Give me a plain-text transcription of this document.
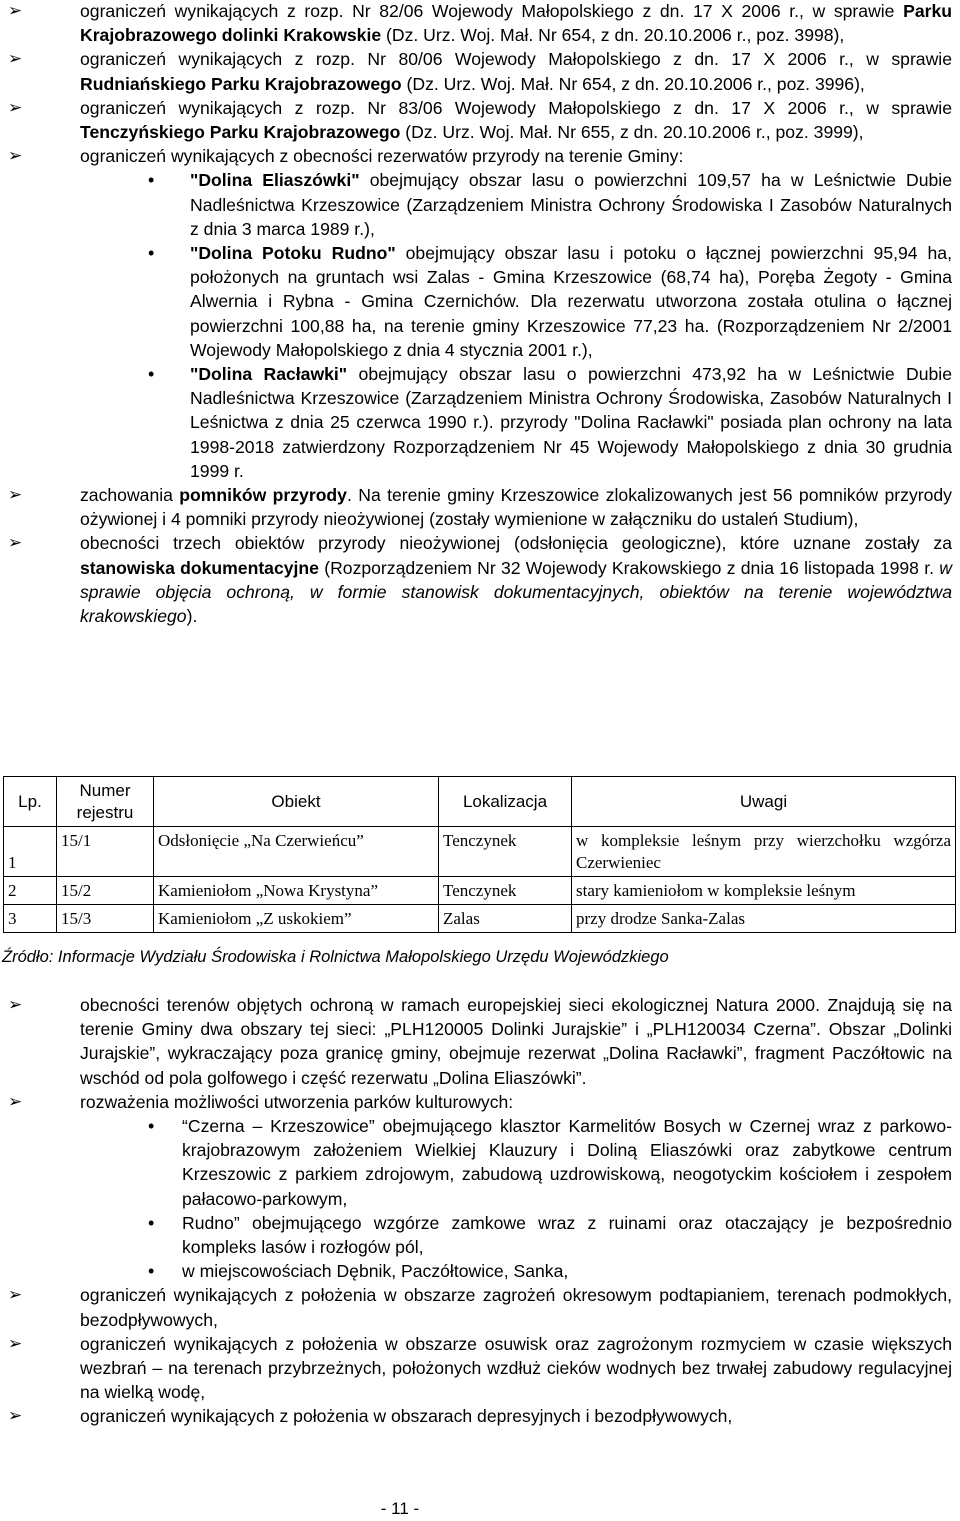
➢	ograniczeń wynikających z rozp. Nr 82/06 Wojewody Małopolskiego z dn. 17 X 2006 r., w sprawie Parku Krajobrazowego dolinki Krakowskie (Dz. Urz. Woj. Mał. Nr 654, z dn. 20.10.2006 r., poz. 3998),
➢	ograniczeń wynikających z rozp. Nr 80/06 Wojewody Małopolskiego z dn. 17 X 2006 r., w sprawie Rudniańskiego Parku Krajobrazowego (Dz. Urz. Woj. Mał. Nr 654, z dn. 20.10.2006 r., poz. 3996),
➢	ograniczeń wynikających z rozp. Nr 83/06 Wojewody Małopolskiego z dn. 17 X 2006 r., w sprawie Tenczyńskiego Parku Krajobrazowego (Dz. Urz. Woj. Mał. Nr 655, z dn. 20.10.2006 r., poz. 3999),
➢	ograniczeń wynikających z obecności rezerwatów przyrody na terenie Gminy:
• "Dolina Eliaszówki" obejmujący obszar lasu o powierzchni 109,57 ha w Leśnictwie Dubie Nadleśnictwa Krzeszowice (Zarządzeniem Ministra Ochrony Środowiska I Zasobów Naturalnych z dnia 3 marca 1989 r.),
• "Dolina Potoku Rudno" obejmujący obszar lasu i potoku o łącznej powierzchni 95,94 ha, położonych na gruntach wsi Zalas - Gmina Krzeszowice (68,74 ha), Poręba Żegoty - Gmina Alwernia i Rybna - Gmina Czernichów. Dla rezerwatu utworzona została otulina o łącznej powierzchni 100,88 ha, na terenie gminy Krzeszowice 77,23 ha. (Rozporządzeniem Nr 2/2001 Wojewody Małopolskiego z dnia 4 stycznia 2001 r.),
• "Dolina Racławki" obejmujący obszar lasu o powierzchni 473,92 ha w Leśnictwie Dubie Nadleśnictwa Krzeszowice (Zarządzeniem Ministra Ochrony Środowiska, Zasobów Naturalnych I Leśnictwa z dnia 25 czerwca 1990 r.). przyrody "Dolina Racławki" posiada plan ochrony na lata 1998-2018 zatwierdzony Rozporządzeniem Nr 45 Wojewody Małopolskiego z dnia 30 grudnia 1999 r.
➢	zachowania pomników przyrody. Na terenie gminy Krzeszowice zlokalizowanych jest 56 pomników przyrody ożywionej i 4 pomniki przyrody nieożywionej (zostały wymienione w załączniku do ustaleń Studium),
➢	obecności trzech obiektów przyrody nieożywionej (odsłonięcia geologiczne), które uznane zostały za stanowiska dokumentacyjne (Rozporządzeniem Nr 32 Wojewody Krakowskiego z dnia 16 listopada 1998 r. w sprawie objęcia ochroną, w formie stanowisk dokumentacyjnych, obiektów na terenie województwa krakowskiego).
Lp.	Numer rejestru	Obiekt	Lokalizacja	Uwagi
1	15/1	Odsłonięcie „Na Czerwieńcu”	Tenczynek	w kompleksie leśnym przy wierzchołku wzgórza Czerwieniec
2	15/2	Kamieniołom „Nowa Krystyna”	Tenczynek	stary kamieniołom w kompleksie leśnym
3	15/3	Kamieniołom „Z uskokiem”	Zalas	przy drodze Sanka-Zalas
Źródło: Informacje Wydziału Środowiska i Rolnictwa Małopolskiego Urzędu Wojewódzkiego
➢	obecności terenów objętych ochroną w ramach europejskiej sieci ekologicznej Natura 2000. Znajdują się na terenie Gminy dwa obszary tej sieci: „PLH120005 Dolinki Jurajskie” i „PLH120034 Czerna”. Obszar „Dolinki Jurajskie”, wykraczający poza granicę gminy, obejmuje rezerwat „Dolina Racławki”, fragment Paczółtowic na wschód od pola golfowego i część rezerwatu „Dolina Eliaszówki”.
➢	rozważenia możliwości utworzenia parków kulturowych:
• “Czerna – Krzeszowice” obejmującego klasztor Karmelitów Bosych w Czernej wraz z parkowo-krajobrazowym założeniem Wielkiej Klauzury i Doliną Eliaszówki oraz zabytkowe centrum Krzeszowic z parkiem zdrojowym, zabudową uzdrowiskową, neogotyckim kościołem i zespołem pałacowo-parkowym,
• Rudno” obejmującego wzgórze zamkowe wraz z ruinami oraz otaczający je bezpośrednio kompleks lasów i rozłogów pól,
• w miejscowościach Dębnik, Paczółtowice, Sanka,
➢	ograniczeń wynikających z położenia w obszarze zagrożeń okresowym podtapianiem, terenach podmokłych, bezodpływowych,
➢	ograniczeń wynikających z położenia w obszarze osuwisk oraz zagrożonym rozmyciem w czasie większych wezbrań – na terenach przybrzeżnych, położonych wzdłuż cieków wodnych bez trwałej zabudowy regulacyjnej na wielką wodę,
➢	ograniczeń wynikających z położenia w obszarach depresyjnych i bezodpływowych,
- 11 -
